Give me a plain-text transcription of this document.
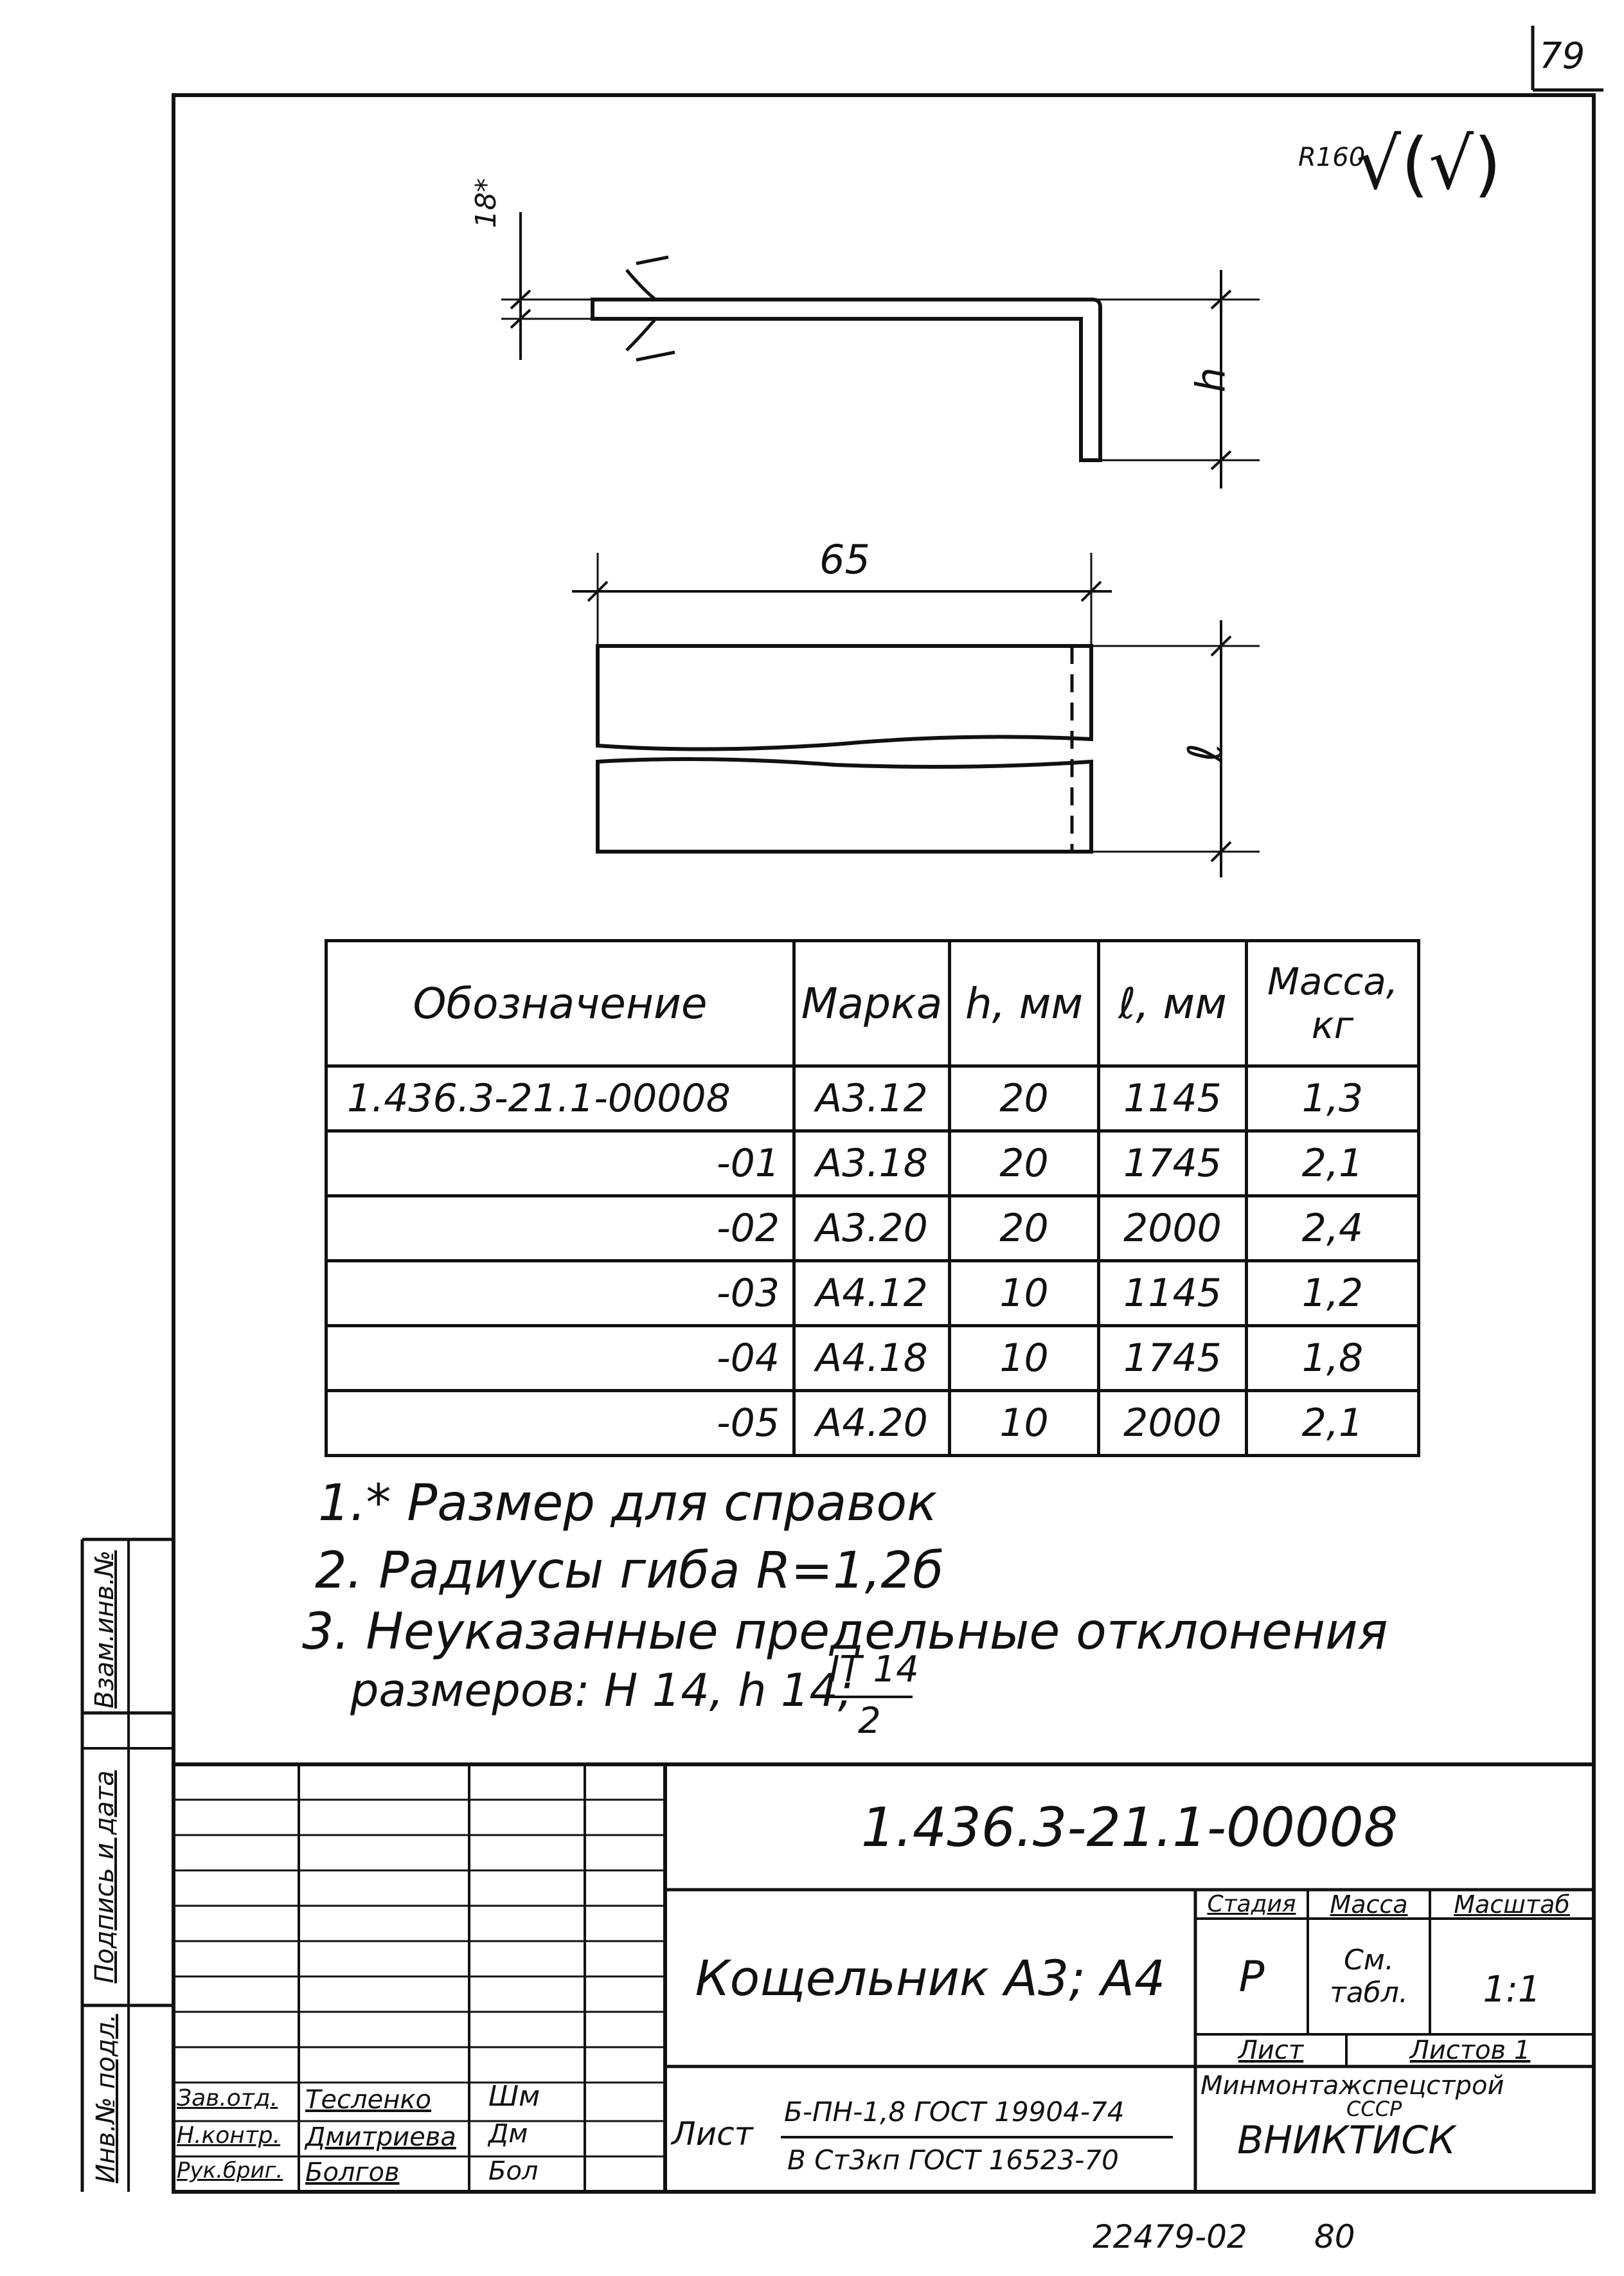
79
R160
√(√)
18*
h
65
ℓ
Обозначение	Марка	h, мм	ℓ, мм	Масса, кг
1.436.3-21.1-00008	А3.12	20	1145	1,3
-01	А3.18	20	1745	2,1
-02	А3.20	20	2000	2,4
-03	А4.12	10	1145	1,2
-04	А4.18	10	1745	1,8
-05	А4.20	10	2000	2,1
1.* Размер для справок
2. Радиусы гиба R=1,2б
3. Неуказанные предельные отклонения
размеров: H 14, h 14;
IT 14
2
Взам.инв.№
Подпись и дата
Инв.№ подл.
1.436.3-21.1-00008
Кощельник А3; А4
Стадия	Масса	Масштаб
Р	См. табл.	1:1
Лист	Листов 1
Лист
Б-ПН-1,8 ГОСТ 19904-74
В Ст3кп ГОСТ 16523-70
Минмонтажспецстрой
СССР
ВНИКТИСК
Зав.отд. Тесленко Шм
Н.контр. Дмитриева Дм
Рук.бриг. Болгов	Бол
22479-02 80
